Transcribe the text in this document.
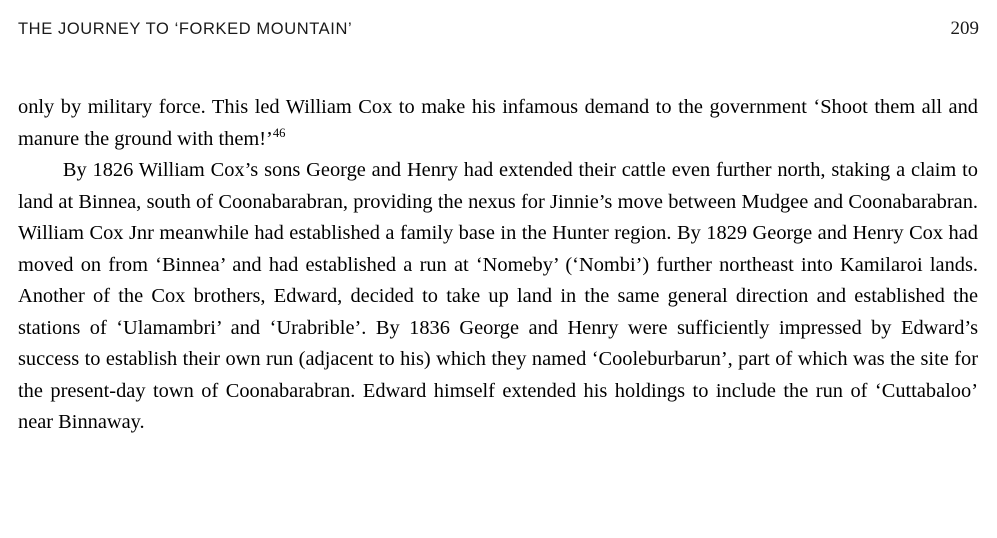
THE JOURNEY TO ‘FORKED MOUNTAIN’	209

only by military force. This led William Cox to make his infamous demand to the government ‘Shoot them all and manure the ground with them!’$^{46}$

By 1826 William Cox’s sons George and Henry had extended their cattle even further north, staking a claim to land at Binnea, south of Coonabarabran, providing the nexus for Jinnie’s move between Mudgee and Coonabarabran. William Cox Jnr meanwhile had established a family base in the Hunter region. By 1829 George and Henry Cox had moved on from ‘Binnea’ and had established a run at ‘Nomeby’ (‘Nombi’) further northeast into Kamilaroi lands. Another of the Cox brothers, Edward, decided to take up land in the same general direction and established the stations of ‘Ulamambri’ and ‘Urabrible’. By 1836 George and Henry were sufficiently impressed by Edward’s success to establish their own run (adjacent to his) which they named ‘Cooleburbarun’, part of which was the site for the present-day town of Coonabarabran. Edward himself extended his holdings to include the run of ‘Cuttabaloo’ near Binnaway.
